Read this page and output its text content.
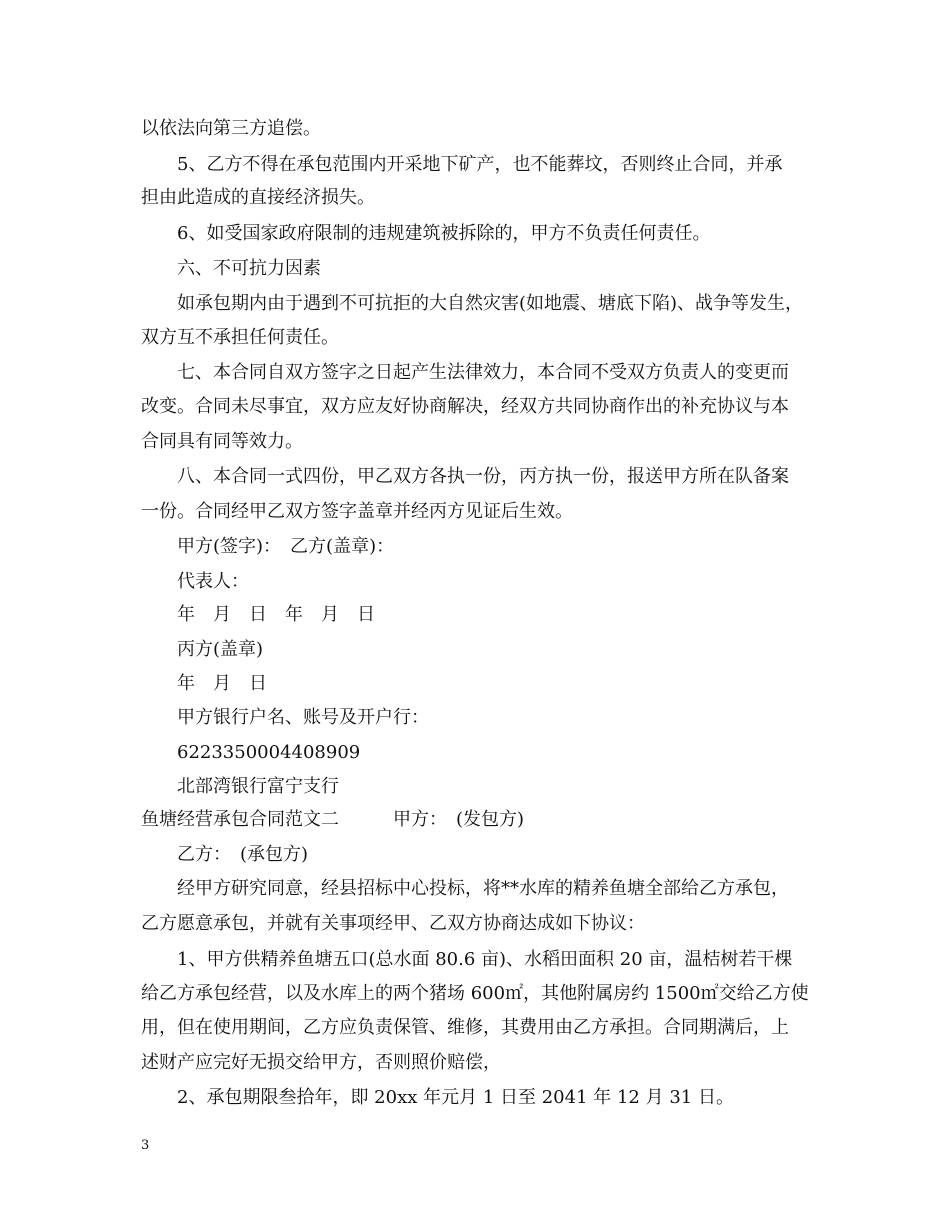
以依法向第三方追偿。
5、乙方不得在承包范围内开采地下矿产，也不能葬坟，否则终止合同，并承
担由此造成的直接经济损失。
6、如受国家政府限制的违规建筑被拆除的，甲方不负责任何责任。
六、不可抗力因素
如承包期内由于遇到不可抗拒的大自然灾害(如地震、塘底下陷)、战争等发生，
双方互不承担任何责任。
七、本合同自双方签字之日起产生法律效力，本合同不受双方负责人的变更而
改变。合同未尽事宜，双方应友好协商解决，经双方共同协商作出的补充协议与本
合同具有同等效力。
八、本合同一式四份，甲乙双方各执一份，丙方执一份，报送甲方所在队备案
一份。合同经甲乙双方签字盖章并经丙方见证后生效。
甲方(签字)：　乙方(盖章)：
代表人：
年　月　日　年　月　日
丙方(盖章)
年　月　日
甲方银行户名、账号及开户行：
6223350004408909
北部湾银行富宁支行
鱼塘经营承包合同范文二　　　甲方：　(发包方)
乙方：　(承包方)
经甲方研究同意，经县招标中心投标，将**水库的精养鱼塘全部给乙方承包，
乙方愿意承包，并就有关事项经甲、乙双方协商达成如下协议：
1、甲方供精养鱼塘五口(总水面 80.6 亩)、水稻田面积 20 亩，温桔树若干棵
给乙方承包经营，以及水库上的两个猪场 600㎡，其他附属房约 1500㎡交给乙方使
用，但在使用期间，乙方应负责保管、维修，其费用由乙方承担。合同期满后，上
述财产应完好无损交给甲方，否则照价赔偿，
2、承包期限叁拾年，即 20xx 年元月 1 日至 2041 年 12 月 31 日。
3
